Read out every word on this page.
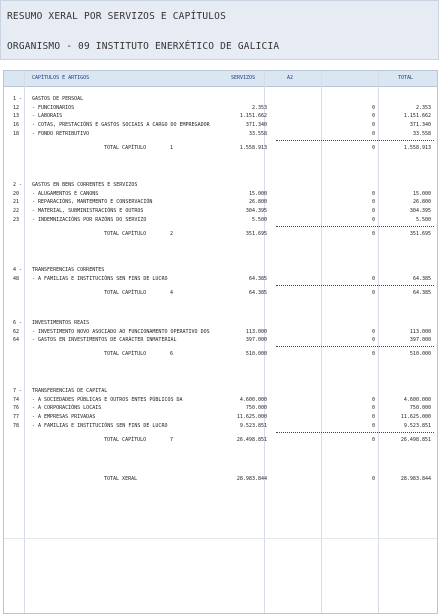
RESUMO XERAL POR SERVIZOS E CAPÍTULOS
ORGANISMO - 09 INSTITUTO ENERXÉTICO DE GALICIA
CAPÍTULOS E ARTIGOS	SERVIZOS	A2	TOTAL
1 - GASTOS DE PERSOAL
12	- FUNCIONARIOS	2.353	0	2.353
13	- LABORAIS	1.151.662	0	1.151.662
16	- COTAS, PRESTACIÓNS E GASTOS SOCIAIS A CARGO DO EMPREGADOR	371.340	0	371.340
18	- FONDO RETRIBUTIVO	33.558	0	33.558
TOTAL CAPÍTULO	1	1.558.913	0	1.558.913
2 - GASTOS EN BENS CORRENTES E SERVIZOS
20	- ALUGAMENTOS E CANONS	15.000	0	15.000
21	- REPARACIÓNS, MANTEMENTO E CONSERVACIÓN	26.800	0	26.800
22	- MATERIAL, SUBMINISTRACIÓNS E OUTROS	304.395	0	304.395
23	- INDEMNIZACIÓNS POR RAZÓNS DO SERVIZO	5.500	0	5.500
TOTAL CAPÍTULO	2	351.695	0	351.695
4 - TRANSFERENCIAS CORRENTES
48	- A FAMILIAS E INSTITUCIÓNS SEN FINS DE LUCRO	64.385	0	64.385
TOTAL CAPÍTULO	4	64.385	0	64.385
6 - INVESTIMENTOS REAIS
62	- INVESTIMENTO NOVO ASOCIADO AO FUNCIONAMENTO OPERATIVO DOS	113.000	0	113.000
64	- GASTOS EN INVESTIMENTOS DE CARÁCTER INMATERIAL	397.000	0	397.000
TOTAL CAPÍTULO	6	510.000	0	510.000
7 - TRANSFERENCIAS DE CAPITAL
74	- A SOCIEDADES PÚBLICAS E OUTROS ENTES PÚBLICOS DA	4.600.000	0	4.600.000
76	- A CORPORACIÓNS LOCAIS	750.000	0	750.000
77	- A EMPRESAS PRIVADAS	11.625.000	0	11.625.000
78	- A FAMILIAS E INSTITUCIÓNS SEN FINS DE LUCRO	9.523.851	0	9.523.851
TOTAL CAPÍTULO	7	26.498.851	0	26.498.851
TOTAL XERAL	28.983.844	0	28.983.844
